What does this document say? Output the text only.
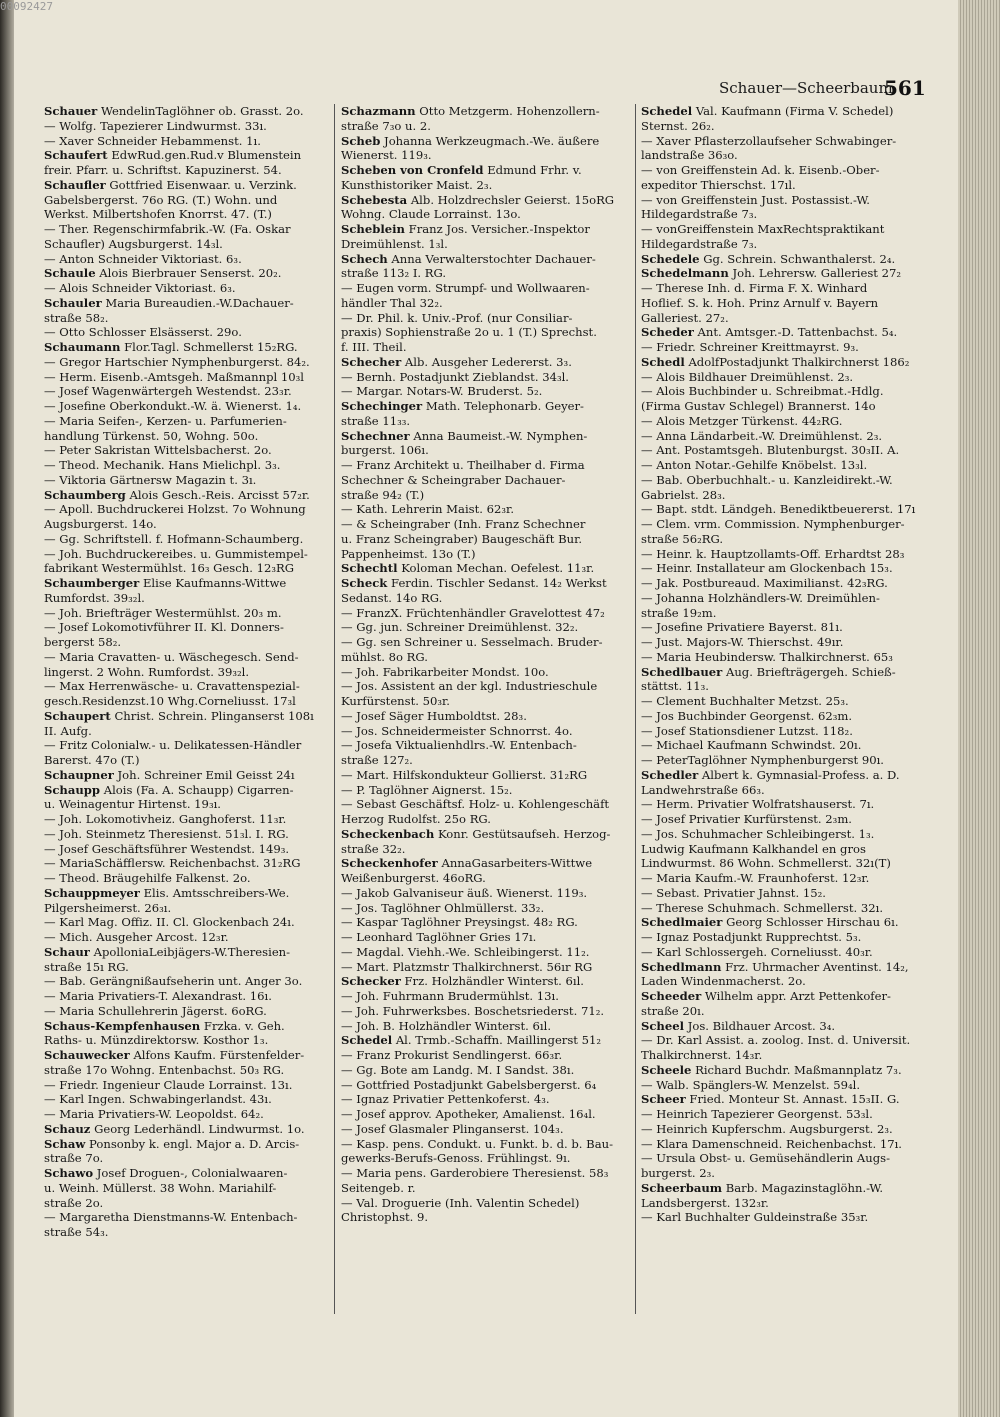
Schauer—Scheerbaum
561
Schauer WendelinTaglöhner ob. Grasst. 2o.
— Wolfg. Tapezierer Lindwurmst. 33ı.
— Xaver Schneider Hebammenst. 1ı.
Schaufert EdwRud.gen.Rud.v Blumenstein
freir. Pfarr. u. Schriftst. Kapuzinerst. 54.
Schaufler Gottfried Eisenwaar. u. Verzink.
Gabelsbergerst. 76o RG. (T.) Wohn. und
Werkst. Milbertshofen Knorrst. 47. (T.)
— Ther. Regenschirmfabrik.-W. (Fa. Oskar
Schaufler) Augsburgerst. 14₃l.
— Anton Schneider Viktoriast. 6₃.
Schaule Alois Bierbrauer Senserst. 20₂.
— Alois Schneider Viktoriast. 6₃.
Schauler Maria Bureaudien.-W.Dachauer-
straße 58₂.
— Otto Schlosser Elsässerst. 29o.
Schaumann Flor.Tagl. Schmellerst 15₂RG.
— Gregor Hartschier Nymphenburgerst. 84₂.
— Herm. Eisenb.-Amtsgeh. Maßmannpl 10₃l
— Josef Wagenwärtergeh Westendst. 23₃r.
— Josefine Oberkondukt.-W. ä. Wienerst. 1₄.
— Maria Seifen-, Kerzen- u. Parfumerien-
handlung Türkenst. 50, Wohng. 50o.
— Peter Sakristan Wittelsbacherst. 2o.
— Theod. Mechanik. Hans Mielichpl. 3₃.
— Viktoria Gärtnersw Magazin t. 3ı.
Schaumberg Alois Gesch.-Reis. Arcisst 57₂r.
— Apoll. Buchdruckerei Holzst. 7o Wohnung
Augsburgerst. 14o.
— Gg. Schriftstell. f. Hofmann-Schaumberg.
— Joh. Buchdruckereibes. u. Gummistempel-
fabrikant Westermühlst. 16₃ Gesch. 12₃RG
Schaumberger Elise Kaufmanns-Wittwe
Rumfordst. 39₃₂l.
— Joh. Briefträger Westermühlst. 20₃ m.
— Josef Lokomotivführer II. Kl. Donners-
bergerst 58₂.
— Maria Cravatten- u. Wäschegesch. Send-
lingerst. 2 Wohn. Rumfordst. 39₃₂l.
— Max Herrenwäsche- u. Cravattenspezial-
gesch.Residenzst.10 Whg.Corneliusst. 17₃l
Schaupert Christ. Schrein. Plinganserst 108ı
II. Aufg.
— Fritz Colonialw.- u. Delikatessen-Händler
Barerst. 47o (T.)
Schaupner Joh. Schreiner Emil Geisst 24ı
Schaupp Alois (Fa. A. Schaupp) Cigarren-
u. Weinagentur Hirtenst. 19₃ı.
— Joh. Lokomotivheiz. Ganghoferst. 11₃r.
— Joh. Steinmetz Theresienst. 51₃l. I. RG.
— Josef Geschäftsführer Westendst. 149₃.
— MariaSchäfflersw. Reichenbachst. 31₂RG
— Theod. Bräugehilfe Falkenst. 2o.
Schauppmeyer Elis. Amtsschreibers-We.
Pilgersheimerst. 26₃ı.
— Karl Mag. Offiz. II. Cl. Glockenbach 24ı.
— Mich. Ausgeher Arcost. 12₃r.
Schaur ApolloniaLeibjägers-W.Theresien-
straße 15ı RG.
— Bab. Gerängnißaufseherin unt. Anger 3o.
— Maria Privatiers-T. Alexandrast. 16ı.
— Maria Schullehrerin Jägerst. 6oRG.
Schaus-Kempfenhausen Frzka. v. Geh.
Raths- u. Münzdirektorsw. Kosthor 1₃.
Schauwecker Alfons Kaufm. Fürstenfelder-
straße 17o Wohng. Entenbachst. 50₃ RG.
— Friedr. Ingenieur Claude Lorrainst. 13ı.
— Karl Ingen. Schwabingerlandst. 43ı.
— Maria Privatiers-W. Leopoldst. 64₂.
Schauz Georg Lederhändl. Lindwurmst. 1o.
Schaw Ponsonby k. engl. Major a. D. Arcis-
straße 7o.
Schawo Josef Droguen-, Colonialwaaren-
u. Weinh. Müllerst. 38 Wohn. Mariahilf-
straße 2o.
— Margaretha Dienstmanns-W. Entenbach-
straße 54₃.
Schazmann Otto Metzgerm. Hohenzollern-
straße 7₃o u. 2.
Scheb Johanna Werkzeugmach.-We. äußere
Wienerst. 119₃.
Scheben von Cronfeld Edmund Frhr. v.
Kunsthistoriker Maist. 2₃.
Schebesta Alb. Holzdrechsler Geierst. 15oRG
Wohng. Claude Lorrainst. 13o.
Scheblein Franz Jos. Versicher.-Inspektor
Dreimühlenst. 1₃l.
Schech Anna Verwalterstochter Dachauer-
straße 113₂ I. RG.
— Eugen vorm. Strumpf- und Wollwaaren-
händler Thal 32₂.
— Dr. Phil. k. Univ.-Prof. (nur Consiliar-
praxis) Sophienstraße 2o u. 1 (T.) Sprechst.
f. III. Theil.
Schecher Alb. Ausgeher Ledererst. 3₃.
— Bernh. Postadjunkt Zieblandst. 34₃l.
— Margar. Notars-W. Bruderst. 5₂.
Schechinger Math. Telephonarb. Geyer-
straße 11₃₃.
Schechner Anna Baumeist.-W. Nymphen-
burgerst. 106ı.
— Franz Architekt u. Theilhaber d. Firma
Schechner & Scheingraber Dachauer-
straße 94₂ (T.)
— Kath. Lehrerin Maist. 62₃r.
— & Scheingraber (Inh. Franz Schechner
u. Franz Scheingraber) Baugeschäft Bur.
Pappenheimst. 13o (T.)
Schechtl Koloman Mechan. Oefelest. 11₃r.
Scheck Ferdin. Tischler Sedanst. 14₂ Werkst
Sedanst. 14o RG.
— FranzX. Früchtenhändler Gravelottest 47₂
— Gg. jun. Schreiner Dreimühlenst. 32₂.
— Gg. sen Schreiner u. Sesselmach. Bruder-
mühlst. 8o RG.
— Joh. Fabrikarbeiter Mondst. 10o.
— Jos. Assistent an der kgl. Industrieschule
Kurfürstenst. 50₃r.
— Josef Säger Humboldtst. 28₃.
— Jos. Schneidermeister Schnorrst. 4o.
— Josefa Viktualienhdlrs.-W. Entenbach-
straße 127₂.
— Mart. Hilfskondukteur Gollierst. 31₂RG
— P. Taglöhner Aignerst. 15₂.
— Sebast Geschäftsf. Holz- u. Kohlengeschäft
Herzog Rudolfst. 25o RG.
Scheckenbach Konr. Gestütsaufseh. Herzog-
straße 32₂.
Scheckenhofer AnnaGasarbeiters-Wittwe
Weißenburgerst. 46oRG.
— Jakob Galvaniseur äuß. Wienerst. 119₃.
— Jos. Taglöhner Ohlmüllerst. 33₂.
— Kaspar Taglöhner Preysingst. 48₂ RG.
— Leonhard Taglöhner Gries 17ı.
— Magdal. Viehh.-We. Schleibingerst. 11₂.
— Mart. Platzmstr Thalkirchnerst. 56ır RG
Schecker Frz. Holzhändler Winterst. 6ıl.
— Joh. Fuhrmann Brudermühlst. 13ı.
— Joh. Fuhrwerksbes. Boschetsriederst. 71₂.
— Joh. B. Holzhändler Winterst. 6ıl.
Schedel Al. Trmb.-Schaffn. Maillingerst 51₂
— Franz Prokurist Sendlingerst. 66₃r.
— Gg. Bote am Landg. M. I Sandst. 38ı.
— Gottfried Postadjunkt Gabelsbergerst. 6₄
— Ignaz Privatier Pettenkoferst. 4₃.
— Josef approv. Apotheker, Amalienst. 16₄l.
— Josef Glasmaler Plinganserst. 104₃.
— Kasp. pens. Condukt. u. Funkt. b. d. b. Bau-
gewerks-Berufs-Genoss. Frühlingst. 9ı.
— Maria pens. Garderobiere Theresienst. 58₃
Seitengeb. r.
— Val. Droguerie (Inh. Valentin Schedel)
Christophst. 9.
Schedel Val. Kaufmann (Firma V. Schedel)
Sternst. 26₂.
— Xaver Pflasterzollaufseher Schwabinger-
landstraße 36₃o.
— von Greiffenstein Ad. k. Eisenb.-Ober-
expeditor Thierschst. 17ıl.
— von Greiffenstein Just. Postassist.-W.
Hildegardstraße 7₃.
— vonGreiffenstein MaxRechtspraktikant
Hildegardstraße 7₃.
Schedele Gg. Schrein. Schwanthalerst. 2₄.
Schedelmann Joh. Lehrersw. Galleriest 27₂
— Therese Inh. d. Firma F. X. Winhard
Hoflief. S. k. Hoh. Prinz Arnulf v. Bayern
Galleriest. 27₂.
Scheder Ant. Amtsger.-D. Tattenbachst. 5₄.
— Friedr. Schreiner Kreittmayrst. 9₃.
Schedl AdolfPostadjunkt Thalkirchnerst 186₂
— Alois Bildhauer Dreimühlenst. 2₃.
— Alois Buchbinder u. Schreibmat.-Hdlg.
(Firma Gustav Schlegel) Brannerst. 14o
— Alois Metzger Türkenst. 44₂RG.
— Anna Ländarbeit.-W. Dreimühlenst. 2₃.
— Ant. Postamtsgeh. Blutenburgst. 30₃II. A.
— Anton Notar.-Gehilfe Knöbelst. 13₃l.
— Bab. Oberbuchhalt.- u. Kanzleidirekt.-W.
Gabrielst. 28₃.
— Bapt. stdt. Ländgeh. Benediktbeuererst. 17ı
— Clem. vrm. Commission. Nymphenburger-
straße 56₂RG.
— Heinr. k. Hauptzollamts-Off. Erhardtst 28₃
— Heinr. Installateur am Glockenbach 15₃.
— Jak. Postbureaud. Maximilianst. 42₃RG.
— Johanna Holzhändlers-W. Dreimühlen-
straße 19₂m.
— Josefine Privatiere Bayerst. 81ı.
— Just. Majors-W. Thierschst. 49ır.
— Maria Heubindersw. Thalkirchnerst. 65₃
Schedlbauer Aug. Briefträgergeh. Schieß-
stättst. 11₃.
— Clement Buchhalter Metzst. 25₃.
— Jos Buchbinder Georgenst. 62₃m.
— Josef Stationsdiener Lutzst. 118₂.
— Michael Kaufmann Schwindst. 20ı.
— PeterTaglöhner Nymphenburgerst 90ı.
Schedler Albert k. Gymnasial-Profess. a. D.
Landwehrstraße 66₃.
— Herm. Privatier Wolfratshauserst. 7ı.
— Josef Privatier Kurfürstenst. 2₃m.
— Jos. Schuhmacher Schleibingerst. 1₃.
Ludwig Kaufmann Kalkhandel en gros
Lindwurmst. 86 Wohn. Schmellerst. 32ı(T)
— Maria Kaufm.-W. Fraunhoferst. 12₃r.
— Sebast. Privatier Jahnst. 15₂.
— Therese Schuhmach. Schmellerst. 32ı.
Schedlmaier Georg Schlosser Hirschau 6ı.
— Ignaz Postadjunkt Rupprechtst. 5₃.
— Karl Schlossergeh. Corneliusst. 40₃r.
Schedlmann Frz. Uhrmacher Aventinst. 14₂,
Laden Windenmacherst. 2o.
Scheeder Wilhelm appr. Arzt Pettenkofer-
straße 20ı.
Scheel Jos. Bildhauer Arcost. 3₄.
— Dr. Karl Assist. a. zoolog. Inst. d. Universit.
Thalkirchnerst. 14₃r.
Scheele Richard Buchdr. Maßmannplatz 7₃.
— Walb. Spänglers-W. Menzelst. 59₄l.
Scheer Fried. Monteur St. Annast. 15₃II. G.
— Heinrich Tapezierer Georgenst. 53₃l.
— Heinrich Kupferschm. Augsburgerst. 2₃.
— Klara Damenschneid. Reichenbachst. 17ı.
— Ursula Obst- u. Gemüsehändlerin Augs-
burgerst. 2₃.
Scheerbaum Barb. Magazinstaglöhn.-W.
Landsbergerst. 132₃r.
— Karl Buchhalter Guldeinstraße 35₃r.
00092427
